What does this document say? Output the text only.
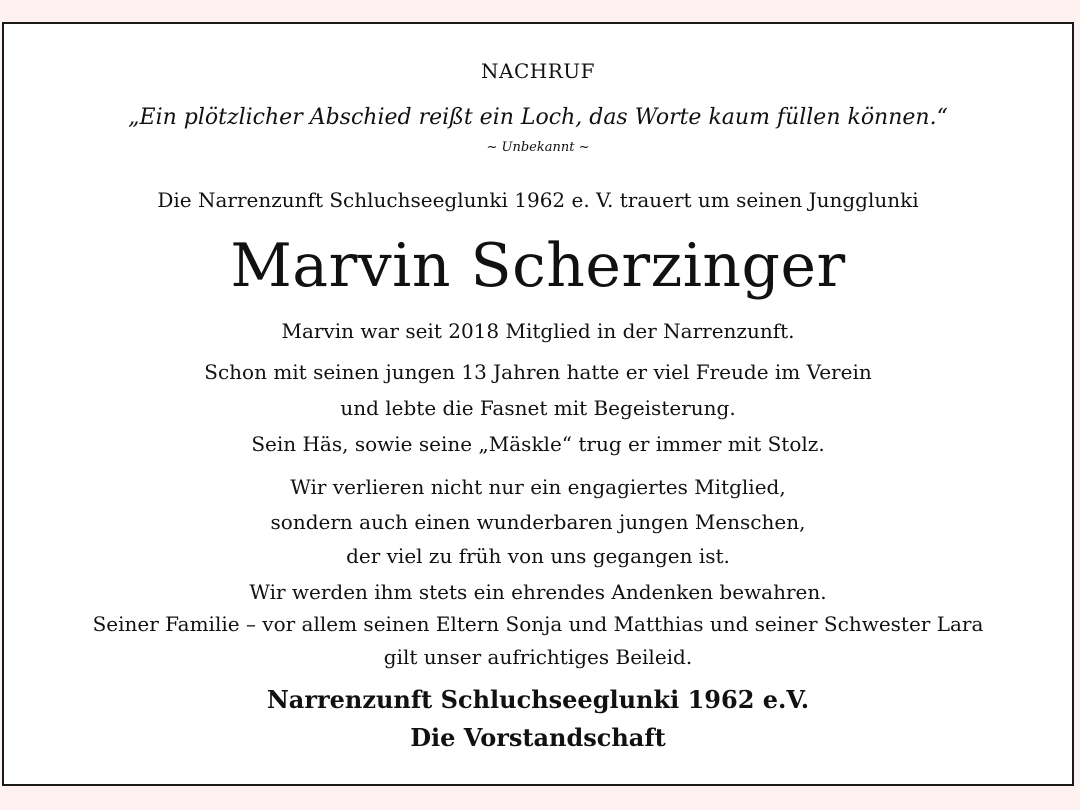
NACHRUF
„Ein plötzlicher Abschied reißt ein Loch, das Worte kaum füllen können.“
~ Unbekannt ~
Die Narrenzunft Schluchseeglunki 1962 e. V. trauert um seinen Jungglunki
Marvin Scherzinger
Marvin war seit 2018 Mitglied in der Narrenzunft.
Schon mit seinen jungen 13 Jahren hatte er viel Freude im Verein
und lebte die Fasnet mit Begeisterung.
Sein Häs, sowie seine „Mäskle“ trug er immer mit Stolz.
Wir verlieren nicht nur ein engagiertes Mitglied,
sondern auch einen wunderbaren jungen Menschen,
der viel zu früh von uns gegangen ist.
Wir werden ihm stets ein ehrendes Andenken bewahren.
Seiner Familie – vor allem seinen Eltern Sonja und Matthias und seiner Schwester Lara
gilt unser aufrichtiges Beileid.
Narrenzunft Schluchseeglunki 1962 e.V.
Die Vorstandschaft
